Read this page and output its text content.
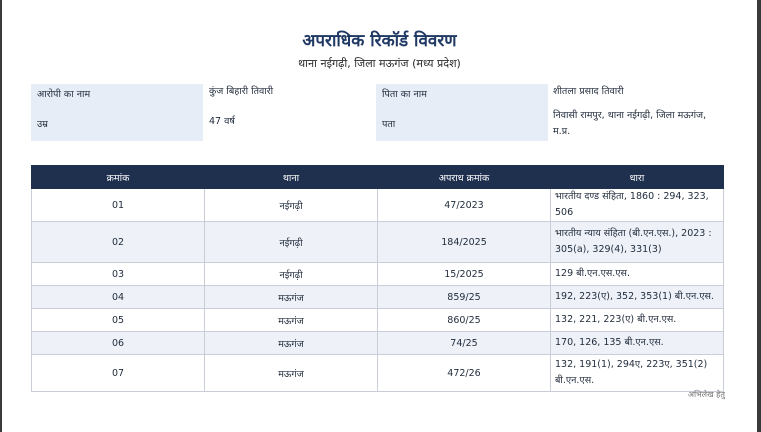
अपराधिक रिकॉर्ड विवरण
थाना नईगढ़ी, जिला मऊगंज (मध्य प्रदेश)
आरोपी का नाम	कुंज बिहारी तिवारी
उम्र	47 वर्ष
पिता का नाम	शीतला प्रसाद तिवारी
पता
निवासी रामपुर, थाना नईगढ़ी, जिला मऊगंज,
म.प्र.
क्रमांक	थाना	अपराध क्रमांक	धारा
01	नईगढ़ी	47/2023	भारतीय दण्ड संहिता, 1860 : 294, 323, 506

02	नईगढ़ी	184/2025	भारतीय न्याय संहिता (बी.एन.एस.), 2023 :
305(a), 329(4), 331(3)

03	नईगढ़ी	15/2025	129 बी.एन.एस.एस.

04	मऊगंज	859/25	192, 223(ए), 352, 353(1) बी.एन.एस.

05	मऊगंज	860/25	132, 221, 223(ए) बी.एन.एस.

06	मऊगंज	74/25	170, 126, 135 बी.एन.एस.

07	मऊगंज	472/26	132, 191(1), 294ए, 223ए, 351(2)
बी.एन.एस.
अभिलेख हेतु
